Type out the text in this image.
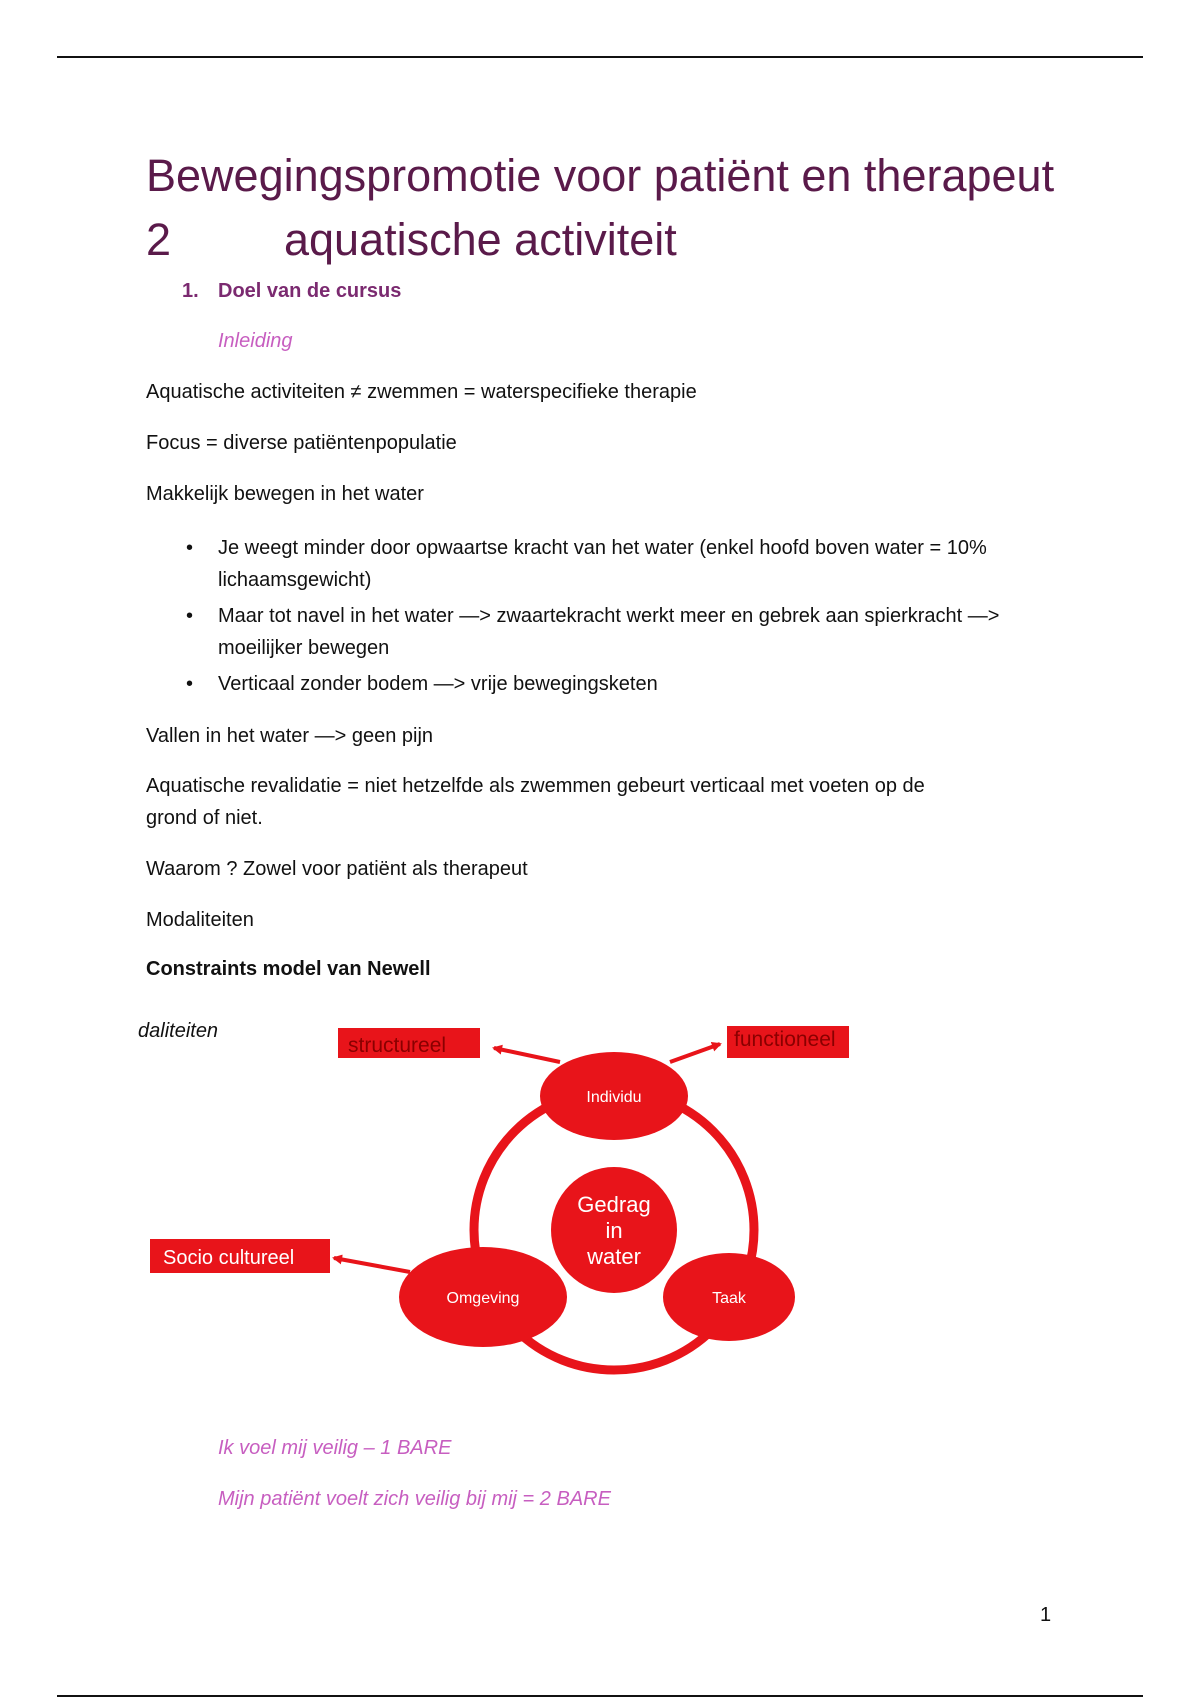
Bewegingspromotie voor patiënt en therapeut
2	aquatische activiteit
1. Doel van de cursus
Inleiding
Aquatische activiteiten ≠ zwemmen = waterspecifieke therapie
Focus = diverse patiëntenpopulatie
Makkelijk bewegen in het water
• Je weegt minder door opwaartse kracht van het water (enkel hoofd boven water = 10% lichaamsgewicht)
• Maar tot navel in het water —> zwaartekracht werkt meer en gebrek aan spierkracht —> moeilijker bewegen
• Verticaal zonder bodem —> vrije bewegingsketen
Vallen in het water —> geen pijn
Aquatische revalidatie = niet hetzelfde als zwemmen gebeurt verticaal met voeten op de
grond of niet.
Waarom ? Zowel voor patiënt als therapeut
Modaliteiten
Constraints model van Newell
daliteiten
structureel	functioneel
Socio cultureel
Individu
Gedrag
in
water
Omgeving	Taak
Ik voel mij veilig – 1 BARE
Mijn patiënt voelt zich veilig bij mij = 2 BARE
1
